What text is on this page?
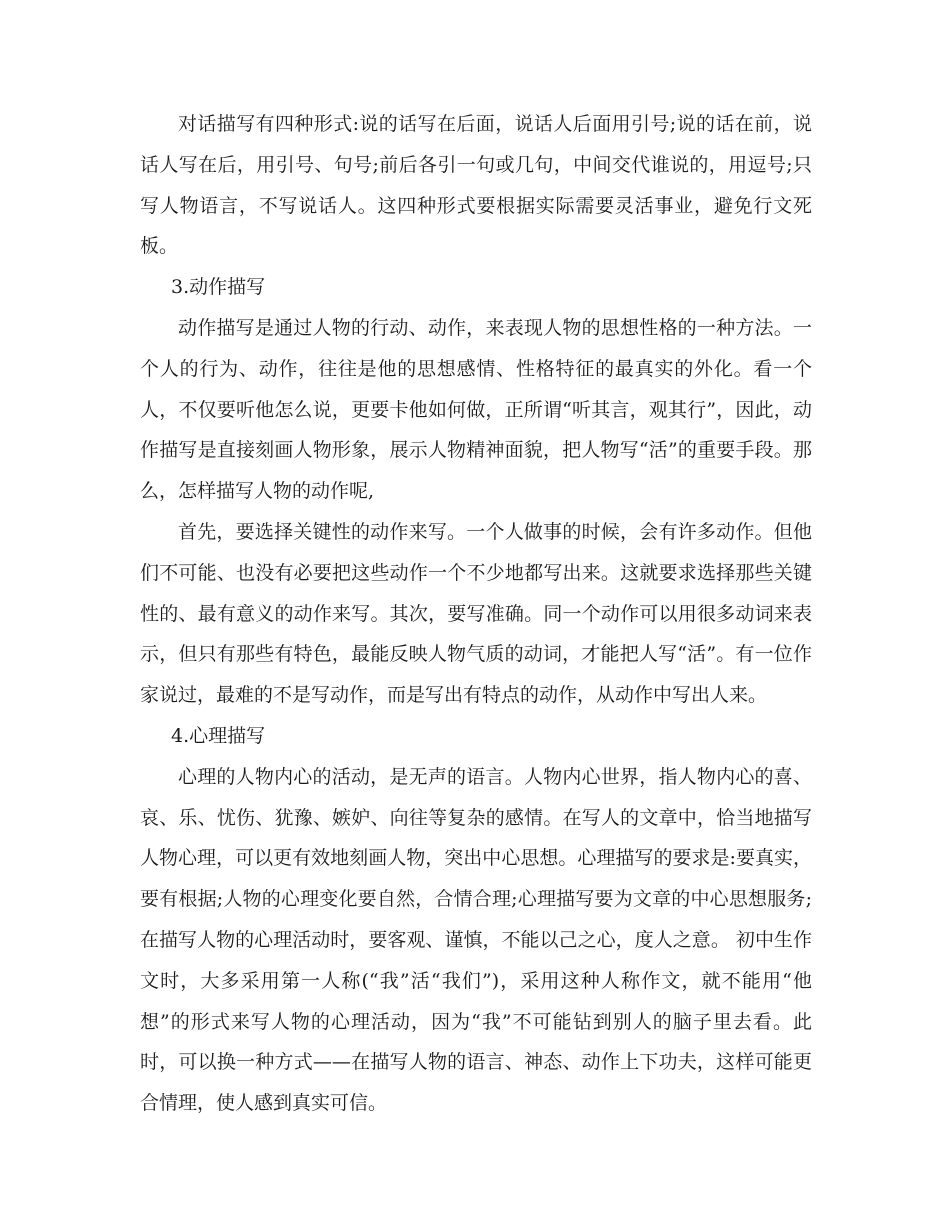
对话描写有四种形式:说的话写在后面，说话人后面用引号;说的话在前，说话人写在后，用引号、句号;前后各引一句或几句，中间交代谁说的，用逗号;只写人物语言，不写说话人。这四种形式要根据实际需要灵活事业，避免行文死板。

3.动作描写

动作描写是通过人物的行动、动作，来表现人物的思想性格的一种方法。一个人的行为、动作，往往是他的思想感情、性格特征的最真实的外化。看一个人，不仅要听他怎么说，更要卡他如何做，正所谓“听其言，观其行”，因此，动作描写是直接刻画人物形象，展示人物精神面貌，把人物写“活”的重要手段。那么，怎样描写人物的动作呢,

首先，要选择关键性的动作来写。一个人做事的时候，会有许多动作。但他们不可能、也没有必要把这些动作一个不少地都写出来。这就要求选择那些关键性的、最有意义的动作来写。其次，要写准确。同一个动作可以用很多动词来表示，但只有那些有特色，最能反映人物气质的动词，才能把人写“活”。有一位作家说过，最难的不是写动作，而是写出有特点的动作，从动作中写出人来。

4.心理描写

心理的人物内心的活动，是无声的语言。人物内心世界，指人物内心的喜、哀、乐、忧伤、犹豫、嫉妒、向往等复杂的感情。在写人的文章中，恰当地描写人物心理，可以更有效地刻画人物，突出中心思想。心理描写的要求是:要真实，要有根据;人物的心理变化要自然，合情合理;心理描写要为文章的中心思想服务;在描写人物的心理活动时，要客观、谨慎，不能以己之心，度人之意。 初中生作文时，大多采用第一人称(“我”活“我们”)，采用这种人称作文，就不能用“他想”的形式来写人物的心理活动，因为“我”不可能钻到别人的脑子里去看。此时，可以换一种方式——在描写人物的语言、神态、动作上下功夫，这样可能更合情理，使人感到真实可信。
